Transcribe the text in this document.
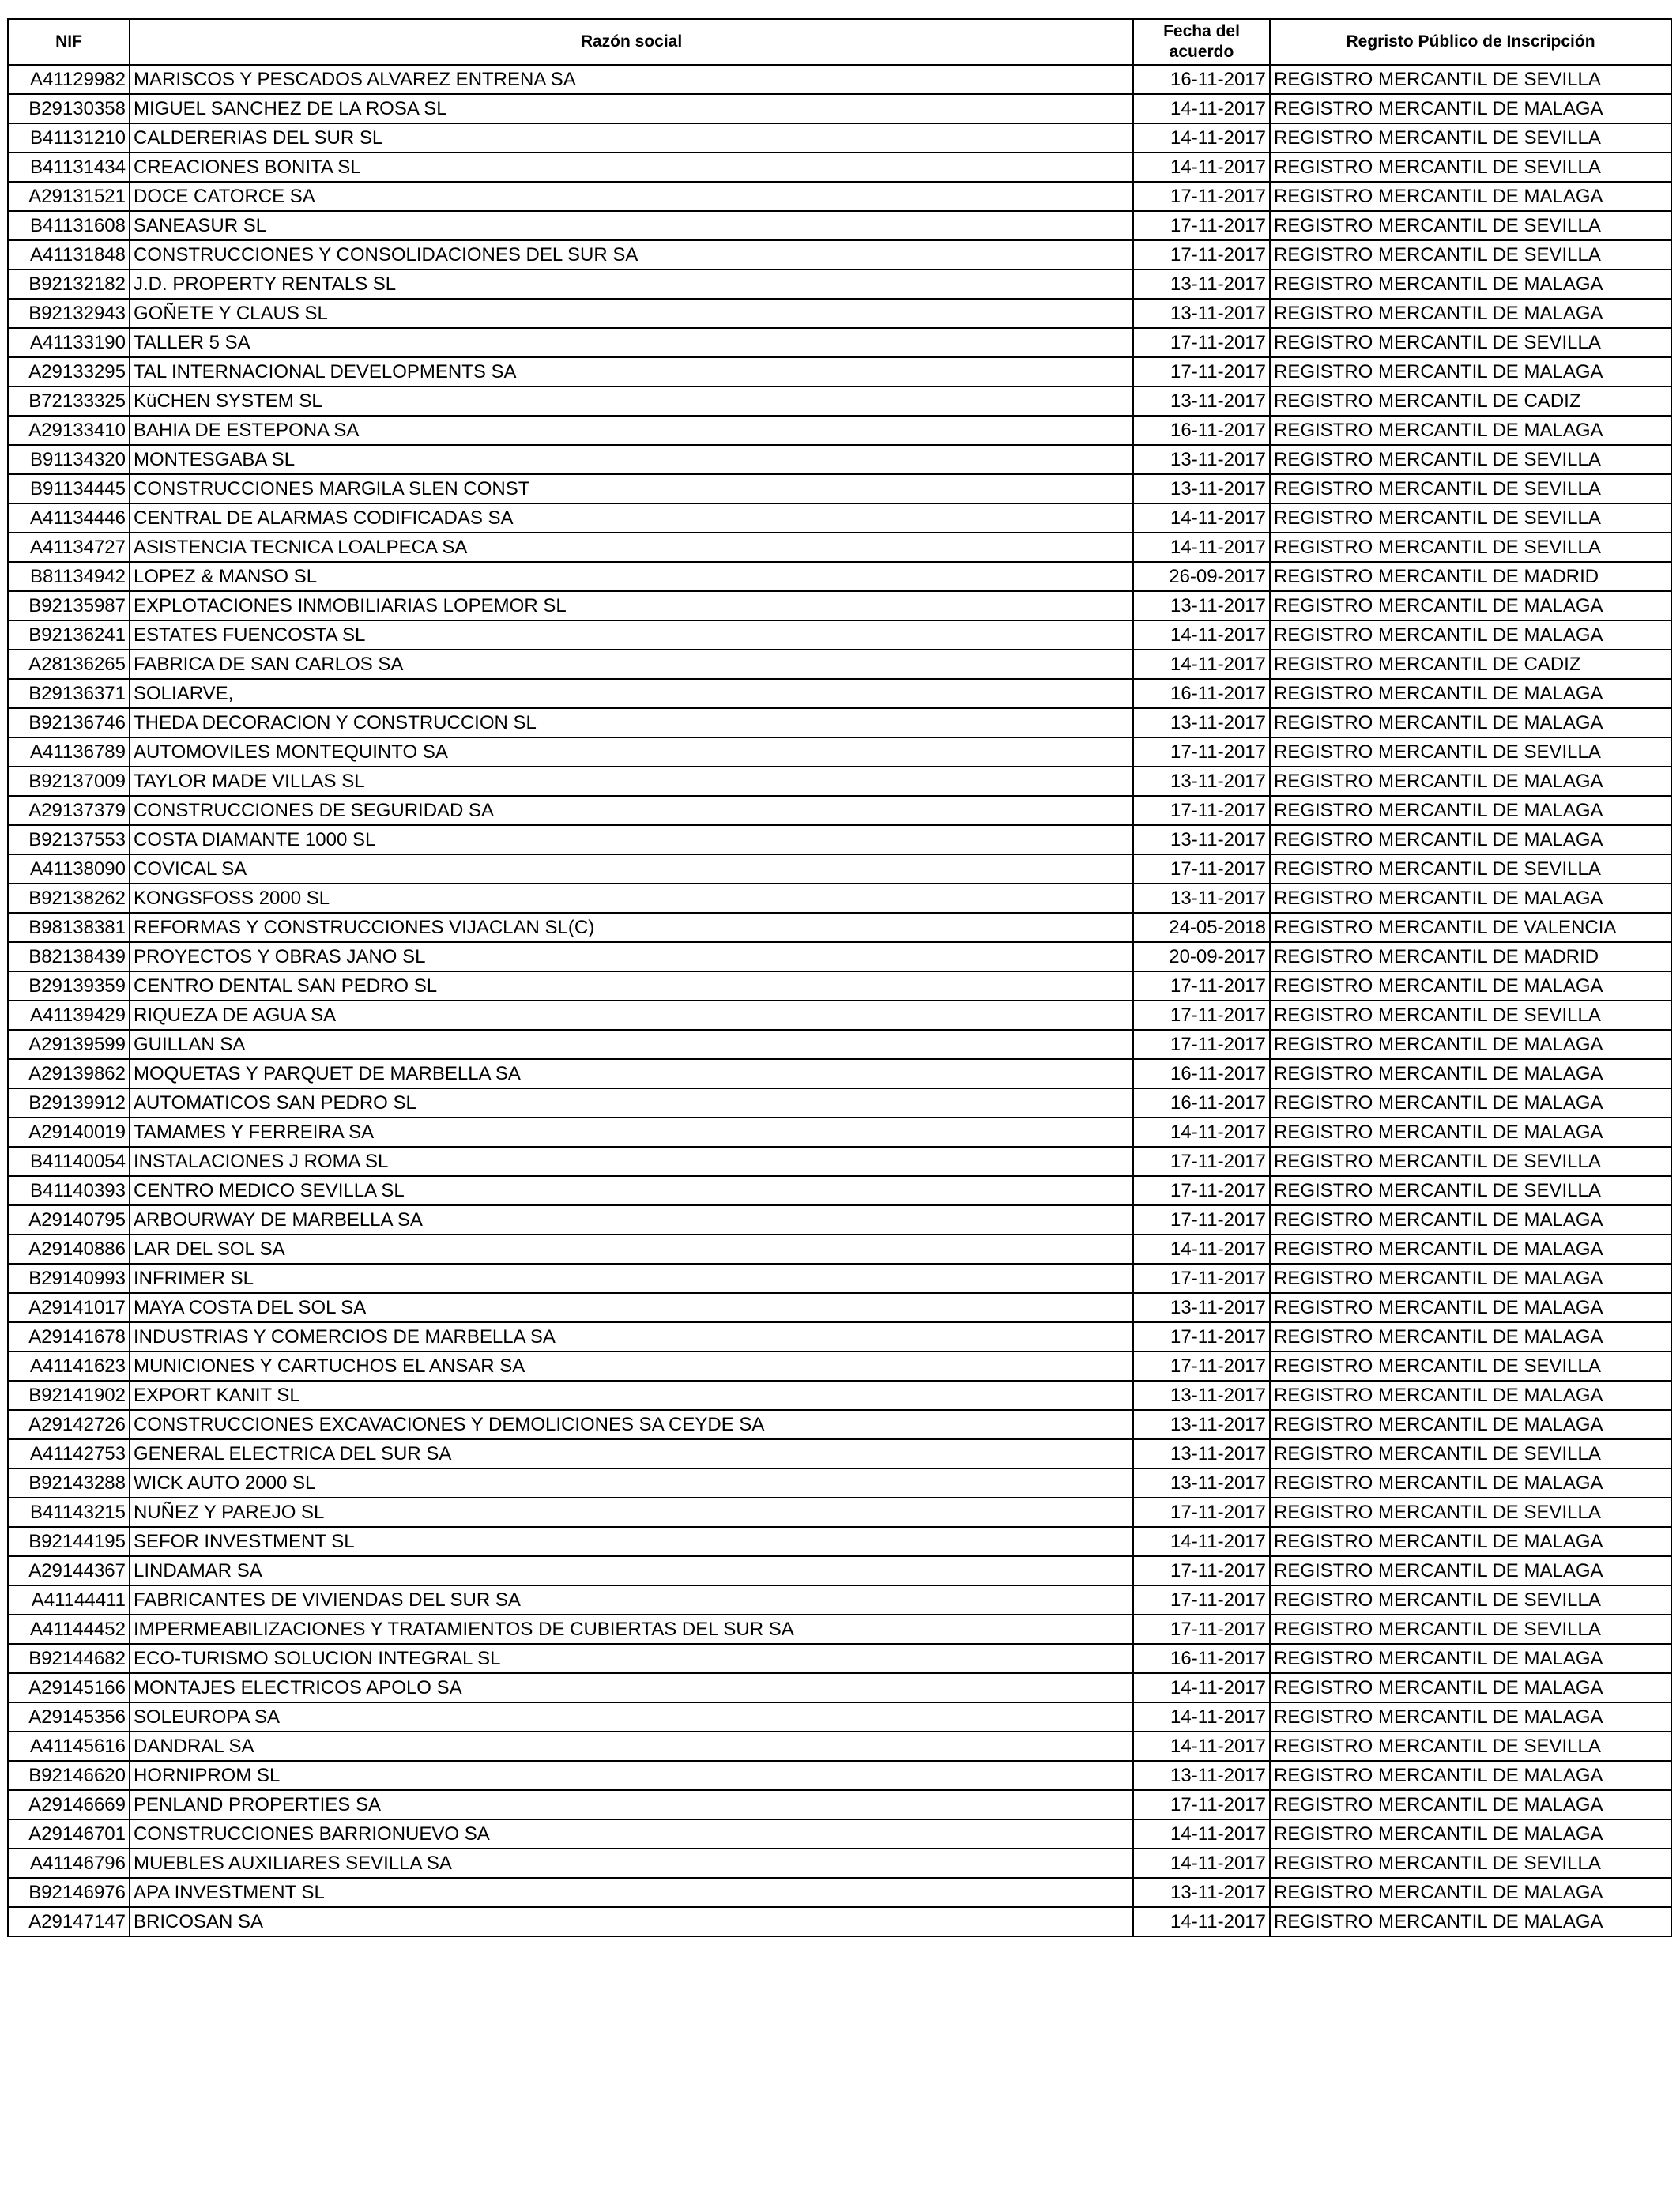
NIF	Razón social	Fecha del acuerdo	Regristo Público de Inscripción
A41129982	MARISCOS Y PESCADOS ALVAREZ ENTRENA SA	16-11-2017	REGISTRO MERCANTIL DE SEVILLA
B29130358	MIGUEL SANCHEZ DE LA ROSA SL	14-11-2017	REGISTRO MERCANTIL DE MALAGA
B41131210	CALDERERIAS DEL SUR SL	14-11-2017	REGISTRO MERCANTIL DE SEVILLA
B41131434	CREACIONES BONITA SL	14-11-2017	REGISTRO MERCANTIL DE SEVILLA
A29131521	DOCE CATORCE SA	17-11-2017	REGISTRO MERCANTIL DE MALAGA
B41131608	SANEASUR SL	17-11-2017	REGISTRO MERCANTIL DE SEVILLA
A41131848	CONSTRUCCIONES Y CONSOLIDACIONES DEL SUR SA	17-11-2017	REGISTRO MERCANTIL DE SEVILLA
B92132182	J.D. PROPERTY RENTALS SL	13-11-2017	REGISTRO MERCANTIL DE MALAGA
B92132943	GOÑETE Y CLAUS SL	13-11-2017	REGISTRO MERCANTIL DE MALAGA
A41133190	TALLER 5 SA	17-11-2017	REGISTRO MERCANTIL DE SEVILLA
A29133295	TAL INTERNACIONAL DEVELOPMENTS SA	17-11-2017	REGISTRO MERCANTIL DE MALAGA
B72133325	KüCHEN SYSTEM SL	13-11-2017	REGISTRO MERCANTIL DE CADIZ
A29133410	BAHIA DE ESTEPONA SA	16-11-2017	REGISTRO MERCANTIL DE MALAGA
B91134320	MONTESGABA SL	13-11-2017	REGISTRO MERCANTIL DE SEVILLA
B91134445	CONSTRUCCIONES MARGILA SLEN CONST	13-11-2017	REGISTRO MERCANTIL DE SEVILLA
A41134446	CENTRAL DE ALARMAS CODIFICADAS SA	14-11-2017	REGISTRO MERCANTIL DE SEVILLA
A41134727	ASISTENCIA TECNICA LOALPECA SA	14-11-2017	REGISTRO MERCANTIL DE SEVILLA
B81134942	LOPEZ & MANSO SL	26-09-2017	REGISTRO MERCANTIL DE MADRID
B92135987	EXPLOTACIONES INMOBILIARIAS LOPEMOR SL	13-11-2017	REGISTRO MERCANTIL DE MALAGA
B92136241	ESTATES FUENCOSTA SL	14-11-2017	REGISTRO MERCANTIL DE MALAGA
A28136265	FABRICA DE SAN CARLOS SA	14-11-2017	REGISTRO MERCANTIL DE CADIZ
B29136371	SOLIARVE,	16-11-2017	REGISTRO MERCANTIL DE MALAGA
B92136746	THEDA DECORACION Y CONSTRUCCION SL	13-11-2017	REGISTRO MERCANTIL DE MALAGA
A41136789	AUTOMOVILES MONTEQUINTO SA	17-11-2017	REGISTRO MERCANTIL DE SEVILLA
B92137009	TAYLOR MADE VILLAS SL	13-11-2017	REGISTRO MERCANTIL DE MALAGA
A29137379	CONSTRUCCIONES DE SEGURIDAD SA	17-11-2017	REGISTRO MERCANTIL DE MALAGA
B92137553	COSTA DIAMANTE 1000 SL	13-11-2017	REGISTRO MERCANTIL DE MALAGA
A41138090	COVICAL SA	17-11-2017	REGISTRO MERCANTIL DE SEVILLA
B92138262	KONGSFOSS 2000 SL	13-11-2017	REGISTRO MERCANTIL DE MALAGA
B98138381	REFORMAS Y CONSTRUCCIONES VIJACLAN SL(C)	24-05-2018	REGISTRO MERCANTIL DE VALENCIA
B82138439	PROYECTOS Y OBRAS JANO SL	20-09-2017	REGISTRO MERCANTIL DE MADRID
B29139359	CENTRO DENTAL SAN PEDRO SL	17-11-2017	REGISTRO MERCANTIL DE MALAGA
A41139429	RIQUEZA DE AGUA SA	17-11-2017	REGISTRO MERCANTIL DE SEVILLA
A29139599	GUILLAN SA	17-11-2017	REGISTRO MERCANTIL DE MALAGA
A29139862	MOQUETAS Y PARQUET DE MARBELLA SA	16-11-2017	REGISTRO MERCANTIL DE MALAGA
B29139912	AUTOMATICOS SAN PEDRO SL	16-11-2017	REGISTRO MERCANTIL DE MALAGA
A29140019	TAMAMES Y FERREIRA SA	14-11-2017	REGISTRO MERCANTIL DE MALAGA
B41140054	INSTALACIONES J ROMA SL	17-11-2017	REGISTRO MERCANTIL DE SEVILLA
B41140393	CENTRO MEDICO SEVILLA SL	17-11-2017	REGISTRO MERCANTIL DE SEVILLA
A29140795	ARBOURWAY DE MARBELLA SA	17-11-2017	REGISTRO MERCANTIL DE MALAGA
A29140886	LAR DEL SOL SA	14-11-2017	REGISTRO MERCANTIL DE MALAGA
B29140993	INFRIMER SL	17-11-2017	REGISTRO MERCANTIL DE MALAGA
A29141017	MAYA COSTA DEL SOL SA	13-11-2017	REGISTRO MERCANTIL DE MALAGA
A29141678	INDUSTRIAS Y COMERCIOS DE MARBELLA SA	17-11-2017	REGISTRO MERCANTIL DE MALAGA
A41141623	MUNICIONES Y CARTUCHOS EL ANSAR SA	17-11-2017	REGISTRO MERCANTIL DE SEVILLA
B92141902	EXPORT KANIT SL	13-11-2017	REGISTRO MERCANTIL DE MALAGA
A29142726	CONSTRUCCIONES EXCAVACIONES Y DEMOLICIONES SA CEYDE SA	13-11-2017	REGISTRO MERCANTIL DE MALAGA
A41142753	GENERAL ELECTRICA DEL SUR SA	13-11-2017	REGISTRO MERCANTIL DE SEVILLA
B92143288	WICK AUTO 2000 SL	13-11-2017	REGISTRO MERCANTIL DE MALAGA
B41143215	NUÑEZ Y PAREJO SL	17-11-2017	REGISTRO MERCANTIL DE SEVILLA
B92144195	SEFOR INVESTMENT SL	14-11-2017	REGISTRO MERCANTIL DE MALAGA
A29144367	LINDAMAR SA	17-11-2017	REGISTRO MERCANTIL DE MALAGA
A41144411	FABRICANTES DE VIVIENDAS DEL SUR SA	17-11-2017	REGISTRO MERCANTIL DE SEVILLA
A41144452	IMPERMEABILIZACIONES Y TRATAMIENTOS DE CUBIERTAS DEL SUR SA	17-11-2017	REGISTRO MERCANTIL DE SEVILLA
B92144682	ECO-TURISMO SOLUCION INTEGRAL SL	16-11-2017	REGISTRO MERCANTIL DE MALAGA
A29145166	MONTAJES ELECTRICOS APOLO SA	14-11-2017	REGISTRO MERCANTIL DE MALAGA
A29145356	SOLEUROPA SA	14-11-2017	REGISTRO MERCANTIL DE MALAGA
A41145616	DANDRAL SA	14-11-2017	REGISTRO MERCANTIL DE SEVILLA
B92146620	HORNIPROM SL	13-11-2017	REGISTRO MERCANTIL DE MALAGA
A29146669	PENLAND PROPERTIES SA	17-11-2017	REGISTRO MERCANTIL DE MALAGA
A29146701	CONSTRUCCIONES BARRIONUEVO SA	14-11-2017	REGISTRO MERCANTIL DE MALAGA
A41146796	MUEBLES AUXILIARES SEVILLA SA	14-11-2017	REGISTRO MERCANTIL DE SEVILLA
B92146976	APA INVESTMENT SL	13-11-2017	REGISTRO MERCANTIL DE MALAGA
A29147147	BRICOSAN SA	14-11-2017	REGISTRO MERCANTIL DE MALAGA
